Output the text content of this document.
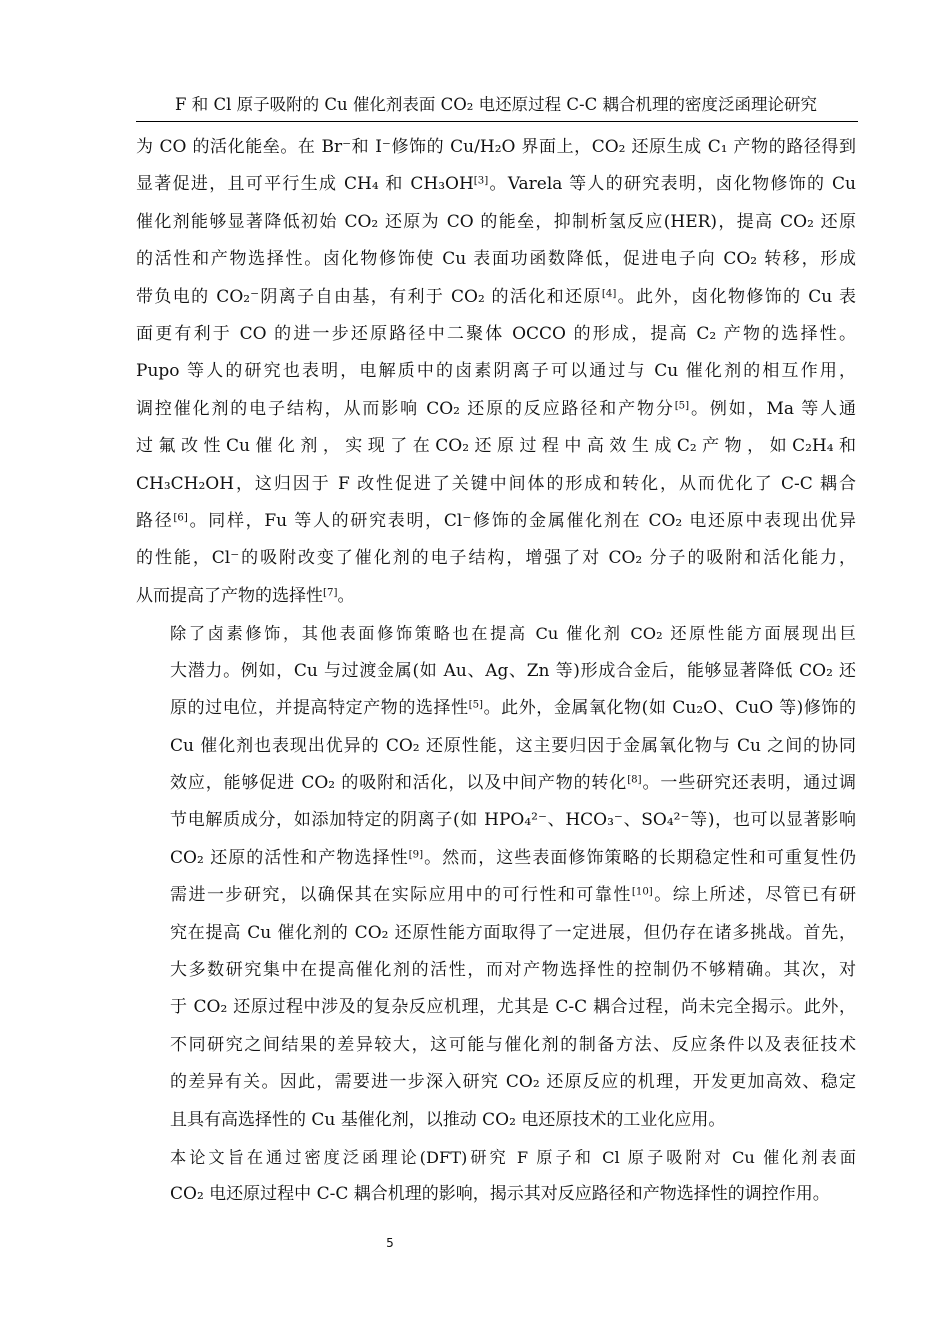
F 和 Cl 原子吸附的 Cu 催化剂表面 CO₂ 电还原过程 C-C 耦合机理的密度泛函理论研究

为 CO 的活化能垒。在 Br⁻和 I⁻修饰的 Cu/H₂O 界面上，CO₂ 还原生成 C₁ 产物的路径得到
显著促进，且可平行生成 CH₄ 和 CH₃OH[3]。Varela 等人的研究表明，卤化物修饰的 Cu
催化剂能够显著降低初始 CO₂ 还原为 CO 的能垒，抑制析氢反应(HER)，提高 CO₂ 还原
的活性和产物选择性。卤化物修饰使 Cu 表面功函数降低，促进电子向 CO₂ 转移，形成
带负电的 CO₂⁻阴离子自由基，有利于 CO₂ 的活化和还原[4]。此外，卤化物修饰的 Cu 表
面更有利于 CO 的进一步还原路径中二聚体 OCCO 的形成，提高 C₂ 产物的选择性。
Pupo 等人的研究也表明，电解质中的卤素阴离子可以通过与 Cu 催化剂的相互作用，
调控催化剂的电子结构，从而影响 CO₂ 还原的反应路径和产物分[5]。例如，Ma 等人通
过 氟 改 性 Cu 催 化 剂 ， 实 现 了 在 CO₂ 还 原 过 程 中 高 效 生 成 C₂ 产 物 ， 如 C₂H₄ 和
CH₃CH₂OH，这归因于 F 改性促进了关键中间体的形成和转化，从而优化了 C-C 耦合
路径[6]。同样，Fu 等人的研究表明，Cl⁻修饰的金属催化剂在 CO₂ 电还原中表现出优异
的性能，Cl⁻的吸附改变了催化剂的电子结构，增强了对 CO₂ 分子的吸附和活化能力，
从而提高了产物的选择性[7]。

除了卤素修饰，其他表面修饰策略也在提高 Cu 催化剂 CO₂ 还原性能方面展现出巨
大潜力。例如，Cu 与过渡金属(如 Au、Ag、Zn 等)形成合金后，能够显著降低 CO₂ 还
原的过电位，并提高特定产物的选择性[5]。此外，金属氧化物(如 Cu₂O、CuO 等)修饰的
Cu 催化剂也表现出优异的 CO₂ 还原性能，这主要归因于金属氧化物与 Cu 之间的协同
效应，能够促进 CO₂ 的吸附和活化，以及中间产物的转化[8]。一些研究还表明，通过调
节电解质成分，如添加特定的阴离子(如 HPO₄²⁻、HCO₃⁻、SO₄²⁻等)，也可以显著影响
CO₂ 还原的活性和产物选择性[9]。然而，这些表面修饰策略的长期稳定性和可重复性仍
需进一步研究，以确保其在实际应用中的可行性和可靠性[10]。综上所述，尽管已有研
究在提高 Cu 催化剂的 CO₂ 还原性能方面取得了一定进展，但仍存在诸多挑战。首先，
大多数研究集中在提高催化剂的活性，而对产物选择性的控制仍不够精确。其次，对
于 CO₂ 还原过程中涉及的复杂反应机理，尤其是 C-C 耦合过程，尚未完全揭示。此外，
不同研究之间结果的差异较大，这可能与催化剂的制备方法、反应条件以及表征技术
的差异有关。因此，需要进一步深入研究 CO₂ 还原反应的机理，开发更加高效、稳定
且具有高选择性的 Cu 基催化剂，以推动 CO₂ 电还原技术的工业化应用。

本论文旨在通过密度泛函理论(DFT)研究 F 原子和 Cl 原子吸附对 Cu 催化剂表面
CO₂ 电还原过程中 C-C 耦合机理的影响，揭示其对反应路径和产物选择性的调控作用。

5
